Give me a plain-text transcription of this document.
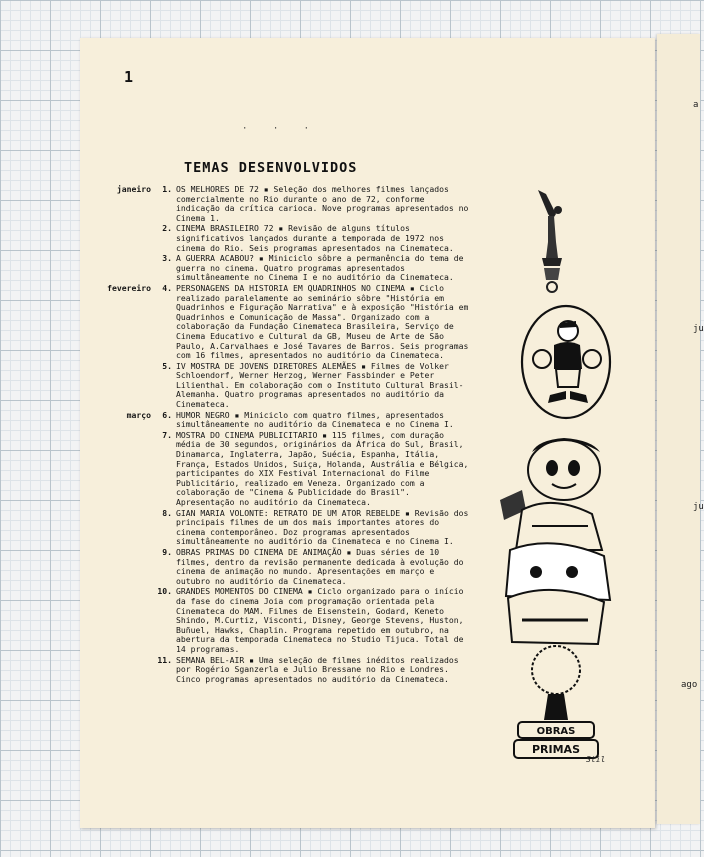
1
· · ·
TEMAS DESENVOLVIDOS
janeiro	1. OS MELHORES DE 72 ▪ Seleção dos melhores filmes lançados comercialmente no Rio durante o ano de 72, conforme indicação da crítica carioca. Nove programas apresentados no Cinema 1.
2. CINEMA BRASILEIRO 72 ▪ Revisão de alguns títulos significativos lançados durante a temporada de 1972 nos cinema do Rio. Seis programas apresentados na Cinemateca.
3. A GUERRA ACABOU? ▪ Miniciclo sôbre a permanência do tema de guerra no cinema. Quatro programas apresentados simultâneamente no Cinema I e no auditório da Cinemateca.
fevereiro	4. PERSONAGENS DA HISTORIA EM QUADRINHOS NO CINEMA ▪ Ciclo realizado paralelamente ao seminário sôbre "História em Quadrinhos e Figuração Narrativa" e à exposição "História em Quadrinhos e Comunicação de Massa". Organizado com a colaboração da Fundação Cinemateca Brasileira, Serviço de Cinema Educativo e Cultural da GB, Museu de Arte de São Paulo, A.Carvalhaes e José Tavares de Barros. Seis programas com 16 filmes, apresentados no auditório da Cinemateca.
5. IV MOSTRA DE JOVENS DIRETORES ALEMÃES ▪ Filmes de Volker Schloendorf, Werner Herzog, Werner Fassbinder e Peter Lilienthal. Em colaboração com o Instituto Cultural Brasil-Alemanha. Quatro programas apresentados no auditório da Cinemateca.
março	6. HUMOR NEGRO ▪ Miniciclo com quatro filmes, apresentados simultâneamente no auditório da Cinemateca e no Cinema I.
7. MOSTRA DO CINEMA PUBLICITARIO ▪ 115 filmes, com duração média de 30 segundos, originários da África do Sul, Brasil, Dinamarca, Inglaterra, Japão, Suécia, Espanha, Itália, França, Estados Unidos, Suiça, Holanda, Austrália e Bélgica, participantes do XIX Festival Internacional do Filme Publicitário, realizado em Veneza. Organizado com a colaboração de "Cinema & Publicidade do Brasil". Apresentação no auditório da Cinemateca.
8. GIAN MARIA VOLONTE: RETRATO DE UM ATOR REBELDE ▪ Revisão dos principais filmes de um dos mais importantes atores do cinema contemporâneo. Doz programas apresentados simultâneamente no auditório da Cinemateca e no Cinema I.
9. OBRAS PRIMAS DO CINEMA DE ANIMAÇÃO ▪ Duas séries de 10 filmes, dentro da revisão permanente dedicada à evolução do cinema de animação no mundo. Apresentações em março e outubro no auditório da Cinemateca.
10. GRANDES MOMENTOS DO CINEMA ▪ Ciclo organizado para o início da fase do cinema Joia com programação orientada pela Cinemateca do MAM. Filmes de Eisenstein, Godard, Keneto Shindo, M.Curtiz, Visconti, Disney, George Stevens, Huston, Buñuel, Hawks, Chaplin. Programa repetido em outubro, na abertura da temporada Cinemateca no Studio Tijuca. Total de 14 programas.
11. SEMANA BEL-AIR ▪ Uma seleção de filmes inéditos realizados por Rogério Sganzerla e Julio Bressane no Rio e Londres. Cinco programas apresentados no auditório da Cinemateca.
OBRAS
PRIMAS
Stil
a
ju
ju
ago
